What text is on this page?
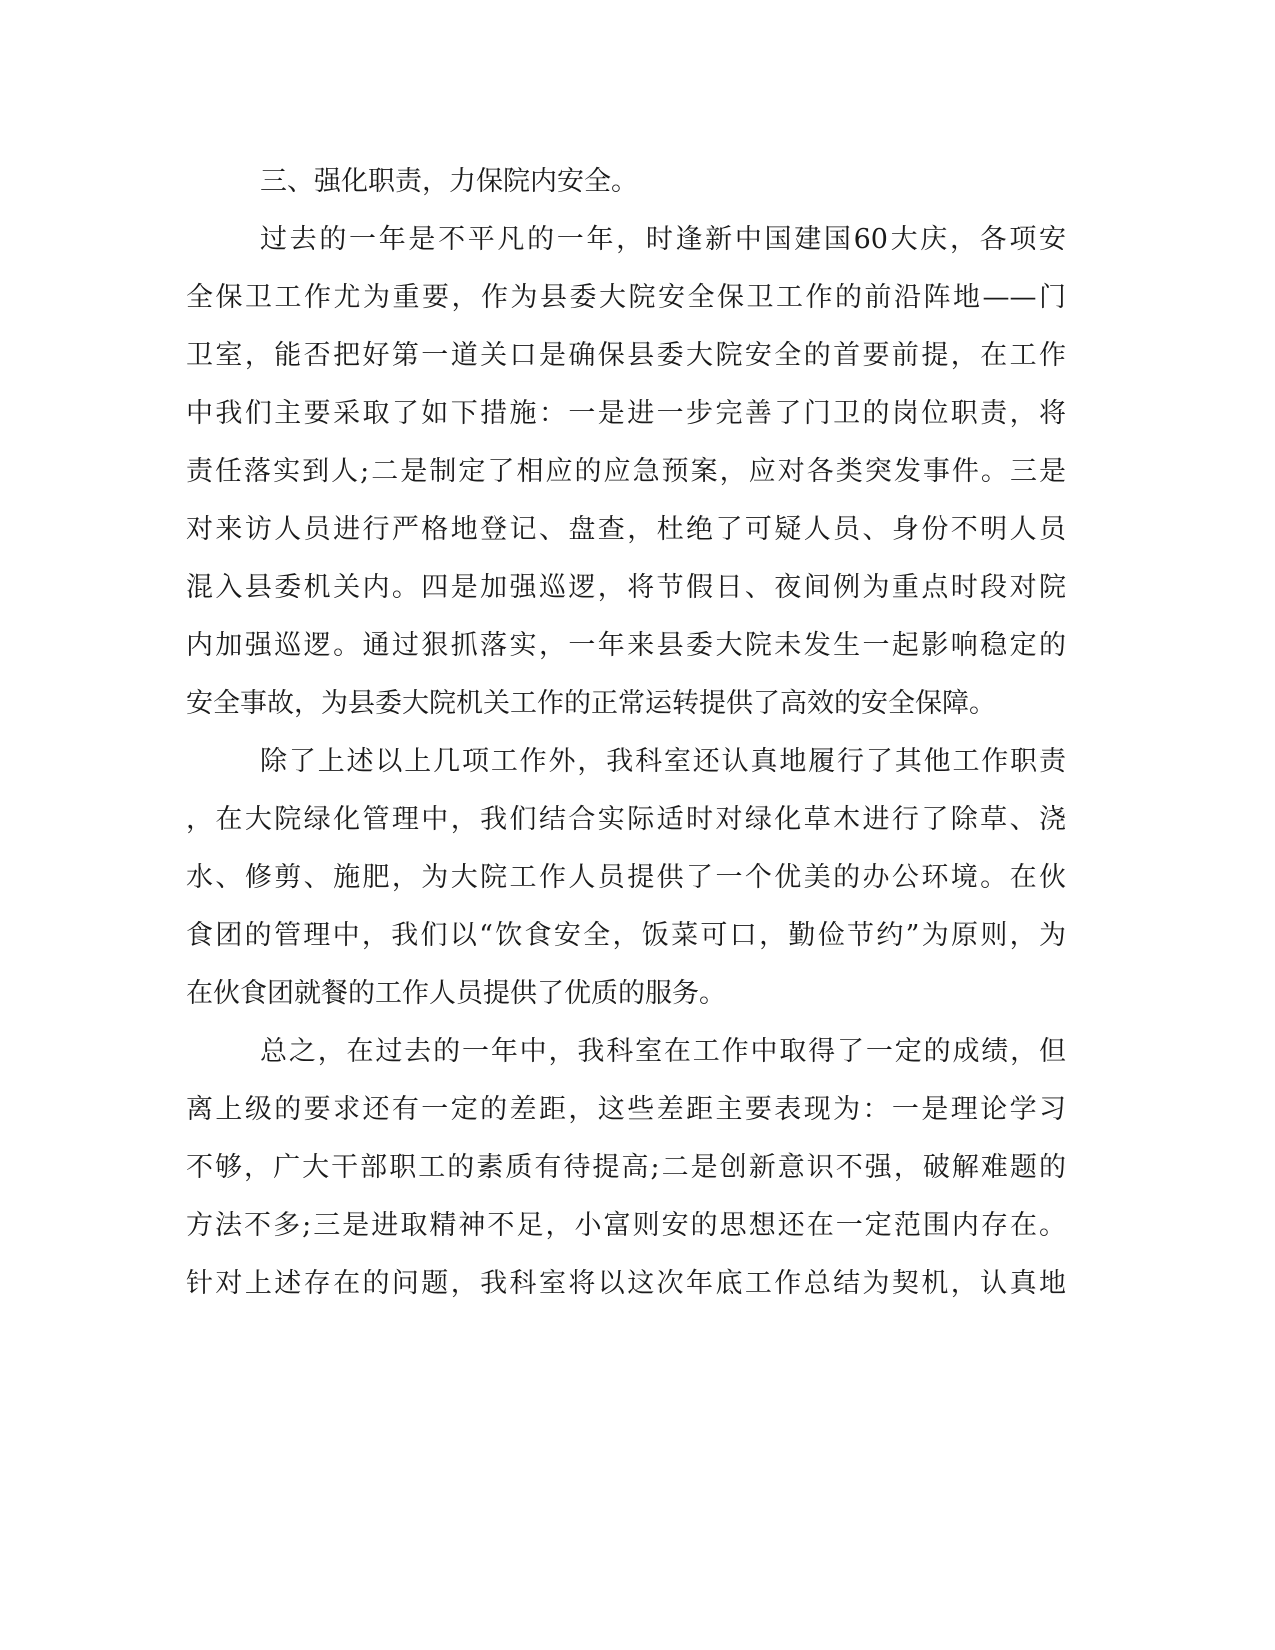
三、强化职责，力保院内安全。
过去的一年是不平凡的一年，时逢新中国建国60大庆，各项安
全保卫工作尤为重要，作为县委大院安全保卫工作的前沿阵地——门
卫室，能否把好第一道关口是确保县委大院安全的首要前提，在工作
中我们主要采取了如下措施：一是进一步完善了门卫的岗位职责，将
责任落实到人;二是制定了相应的应急预案，应对各类突发事件。三是
对来访人员进行严格地登记、盘查，杜绝了可疑人员、身份不明人员
混入县委机关内。四是加强巡逻，将节假日、夜间例为重点时段对院
内加强巡逻。通过狠抓落实，一年来县委大院未发生一起影响稳定的
安全事故，为县委大院机关工作的正常运转提供了高效的安全保障。
除了上述以上几项工作外，我科室还认真地履行了其他工作职责
，在大院绿化管理中，我们结合实际适时对绿化草木进行了除草、浇
水、修剪、施肥，为大院工作人员提供了一个优美的办公环境。在伙
食团的管理中，我们以“饮食安全，饭菜可口，勤俭节约”为原则，为
在伙食团就餐的工作人员提供了优质的服务。
总之，在过去的一年中，我科室在工作中取得了一定的成绩，但
离上级的要求还有一定的差距，这些差距主要表现为：一是理论学习
不够，广大干部职工的素质有待提高;二是创新意识不强，破解难题的
方法不多;三是进取精神不足，小富则安的思想还在一定范围内存在。
针对上述存在的问题，我科室将以这次年底工作总结为契机，认真地
